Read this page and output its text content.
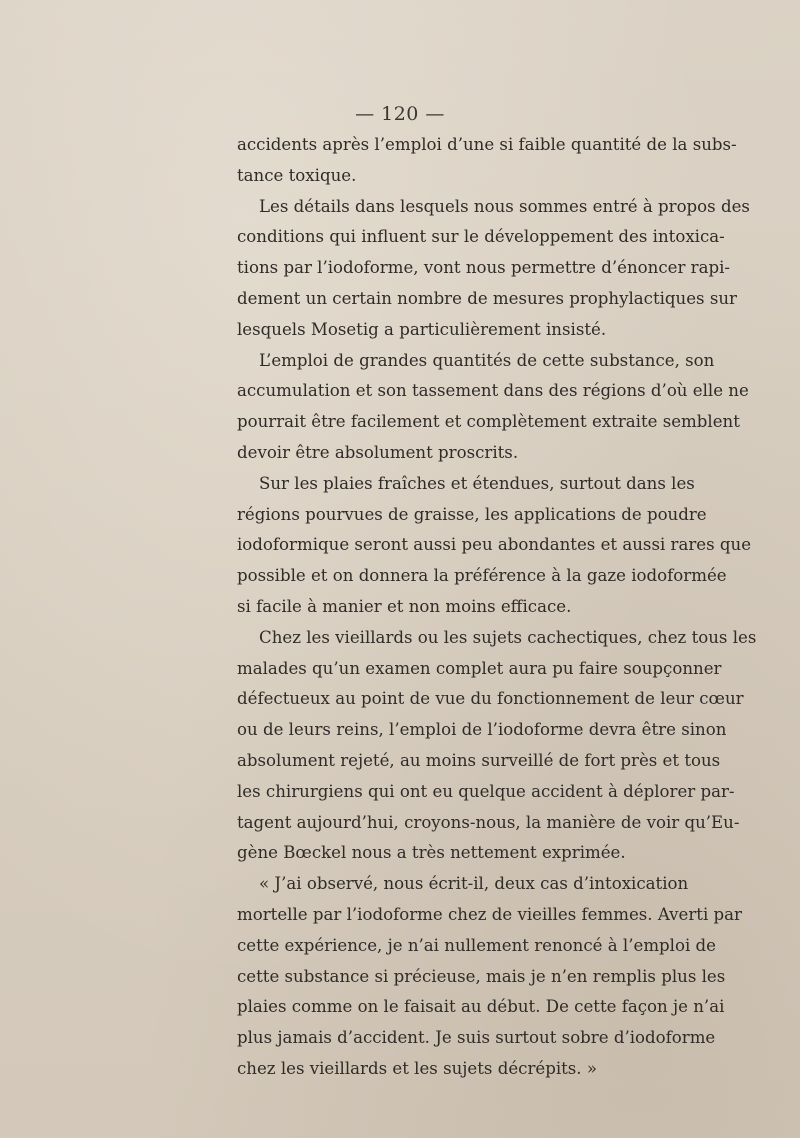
— 120 —
accidents après l’emploi d’une si faible quantité de la subs-
tance toxique.
Les détails dans lesquels nous sommes entré à propos des
conditions qui influent sur le développement des intoxica-
tions par l’iodoforme, vont nous permettre d’énoncer rapi-
dement un certain nombre de mesures prophylactiques sur
lesquels Mosetig a particulièrement insisté.
L’emploi de grandes quantités de cette substance, son
accumulation et son tassement dans des régions d’où elle ne
pourrait être facilement et complètement extraite semblent
devoir être absolument proscrits.
Sur les plaies fraîches et étendues, surtout dans les
régions pourvues de graisse, les applications de poudre
iodoformique seront aussi peu abondantes et aussi rares que
possible et on donnera la préférence à la gaze iodoformée
si facile à manier et non moins efficace.
Chez les vieillards ou les sujets cachectiques, chez tous les
malades qu’un examen complet aura pu faire soupçonner
défectueux au point de vue du fonctionnement de leur cœur
ou de leurs reins, l’emploi de l’iodoforme devra être sinon
absolument rejeté, au moins surveillé de fort près et tous
les chirurgiens qui ont eu quelque accident à déplorer par-
tagent aujourd’hui, croyons-nous, la manière de voir qu’Eu-
gène Bœckel nous a très nettement exprimée.
« J’ai observé, nous écrit-il, deux cas d’intoxication
mortelle par l’iodoforme chez de vieilles femmes. Averti par
cette expérience, je n’ai nullement renoncé à l’emploi de
cette substance si précieuse, mais je n’en remplis plus les
plaies comme on le faisait au début. De cette façon je n’ai
plus jamais d’accident. Je suis surtout sobre d’iodoforme
chez les vieillards et les sujets décrépits. »
